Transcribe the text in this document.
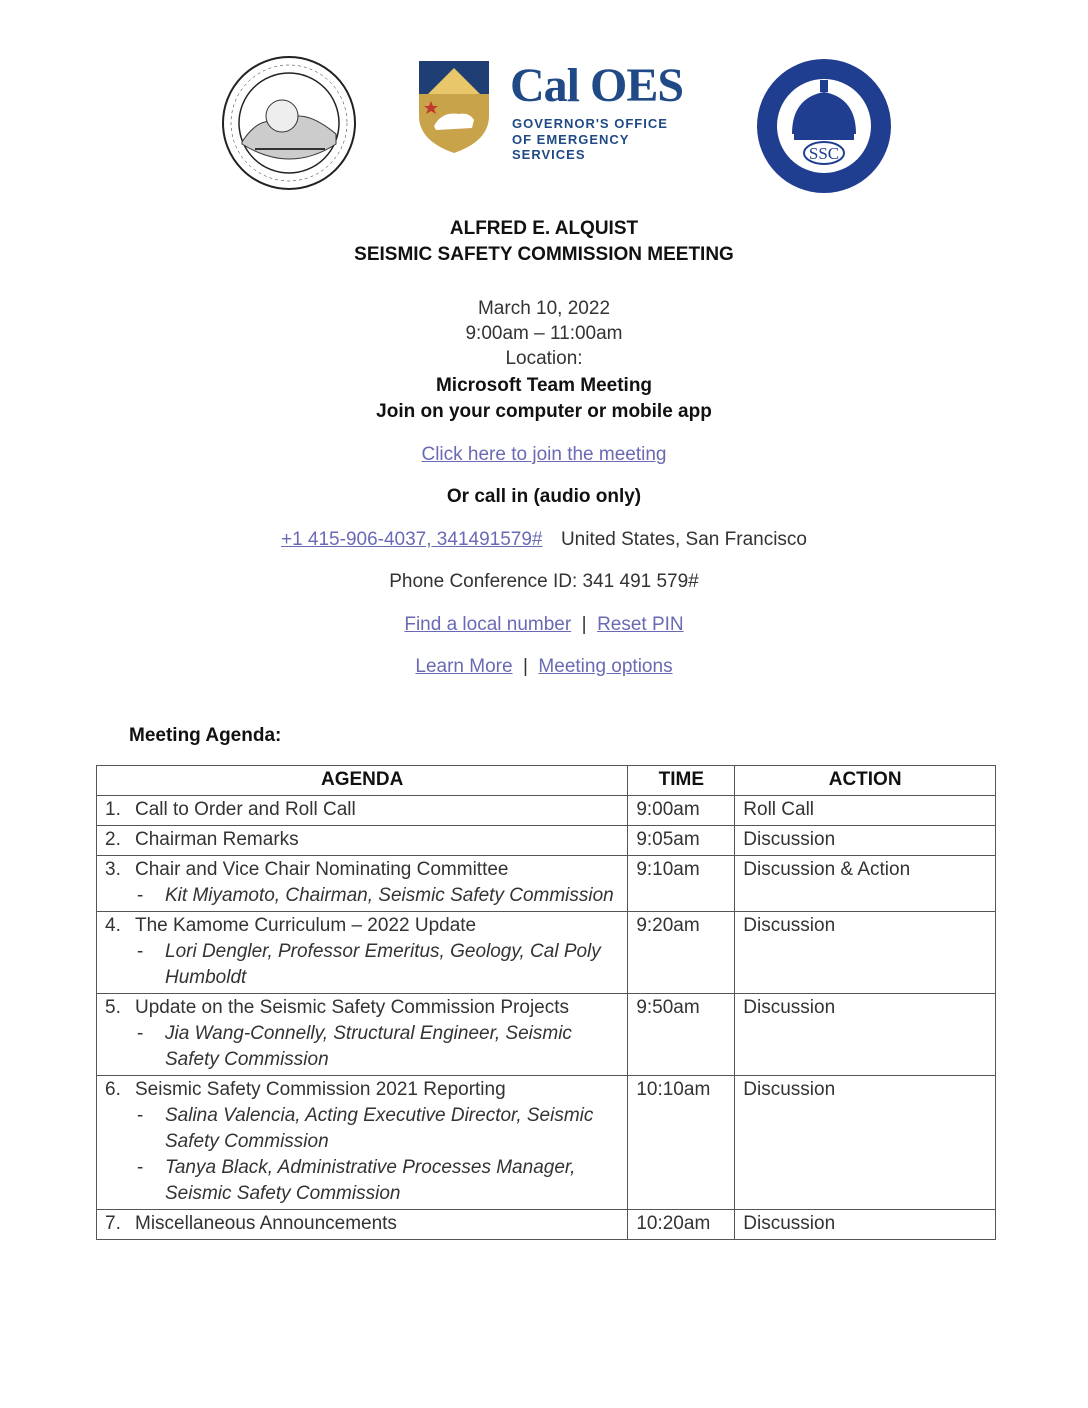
Cal OES
GOVERNOR'S OFFICE
OF EMERGENCY SERVICES	SSC
ALFRED E. ALQUIST
SEISMIC SAFETY COMMISSION MEETING
March 10, 2022
9:00am – 11:00am
Location:
Microsoft Team Meeting
Join on your computer or mobile app
Click here to join the meeting
Or call in (audio only)
+1 415-906-4037, 341491579# United States, San Francisco
Phone Conference ID: 341 491 579#
Find a local number | Reset PIN
Learn More | Meeting options
Meeting Agenda:
AGENDA	TIME	ACTION

1. Call to Order and Roll Call	9:00am	Roll Call

2. Chairman Remarks	9:05am	Discussion

3. Chair and Vice Chair Nominating Committee
- Kit Miyamoto, Chairman, Seismic Safety Commission	9:10am	Discussion & Action

4. The Kamome Curriculum – 2022 Update
- Lori Dengler, Professor Emeritus, Geology, Cal Poly Humboldt	9:20am	Discussion

5. Update on the Seismic Safety Commission Projects
- Jia Wang-Connelly, Structural Engineer, Seismic Safety Commission	9:50am	Discussion

6. Seismic Safety Commission 2021 Reporting
- Salina Valencia, Acting Executive Director, Seismic Safety Commission
- Tanya Black, Administrative Processes Manager, Seismic Safety Commission	10:10am	Discussion

7. Miscellaneous Announcements	10:20am	Discussion
